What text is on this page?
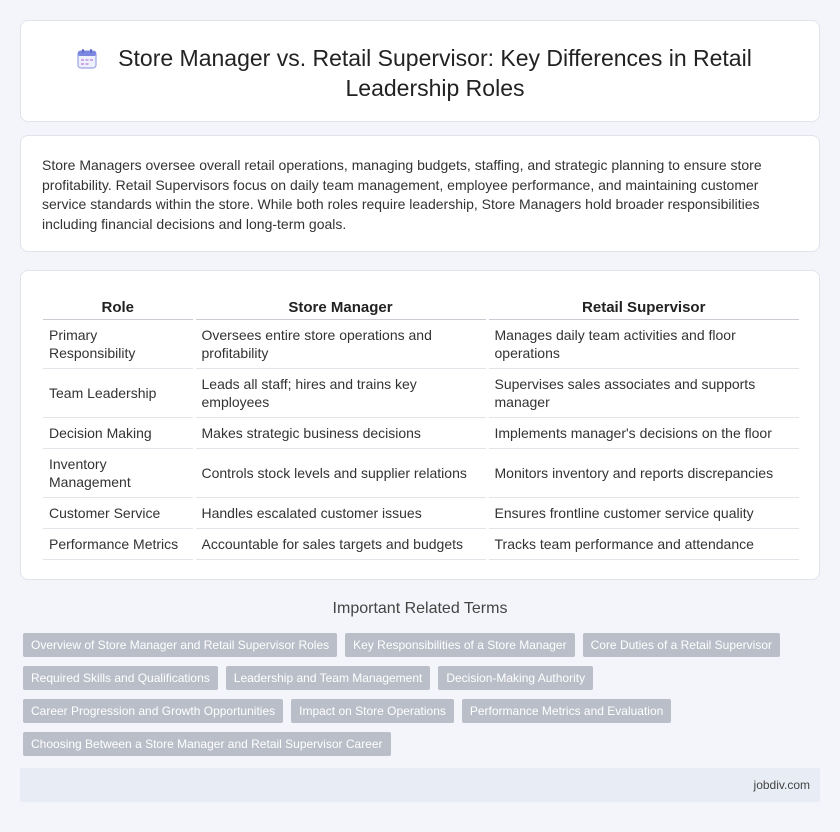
Store Manager vs. Retail Supervisor: Key Differences in Retail Leadership Roles

Store Managers oversee overall retail operations, managing budgets, staffing, and strategic planning to ensure store profitability. Retail Supervisors focus on daily team management, employee performance, and maintaining customer service standards within the store. While both roles require leadership, Store Managers hold broader responsibilities including financial decisions and long-term goals.

Role	Store Manager	Retail Supervisor
Primary Responsibility	Oversees entire store operations and profitability	Manages daily team activities and floor operations
Team Leadership	Leads all staff; hires and trains key employees	Supervises sales associates and supports manager
Decision Making	Makes strategic business decisions	Implements manager's decisions on the floor
Inventory Management	Controls stock levels and supplier relations	Monitors inventory and reports discrepancies
Customer Service	Handles escalated customer issues	Ensures frontline customer service quality
Performance Metrics	Accountable for sales targets and budgets	Tracks team performance and attendance
Important Related Terms
Overview of Store Manager and Retail Supervisor Roles	Key Responsibilities of a Store Manager	Core Duties of a Retail Supervisor
Required Skills and Qualifications	Leadership and Team Management	Decision-Making Authority
Career Progression and Growth Opportunities	Impact on Store Operations	Performance Metrics and Evaluation
Choosing Between a Store Manager and Retail Supervisor Career
jobdiv.com
